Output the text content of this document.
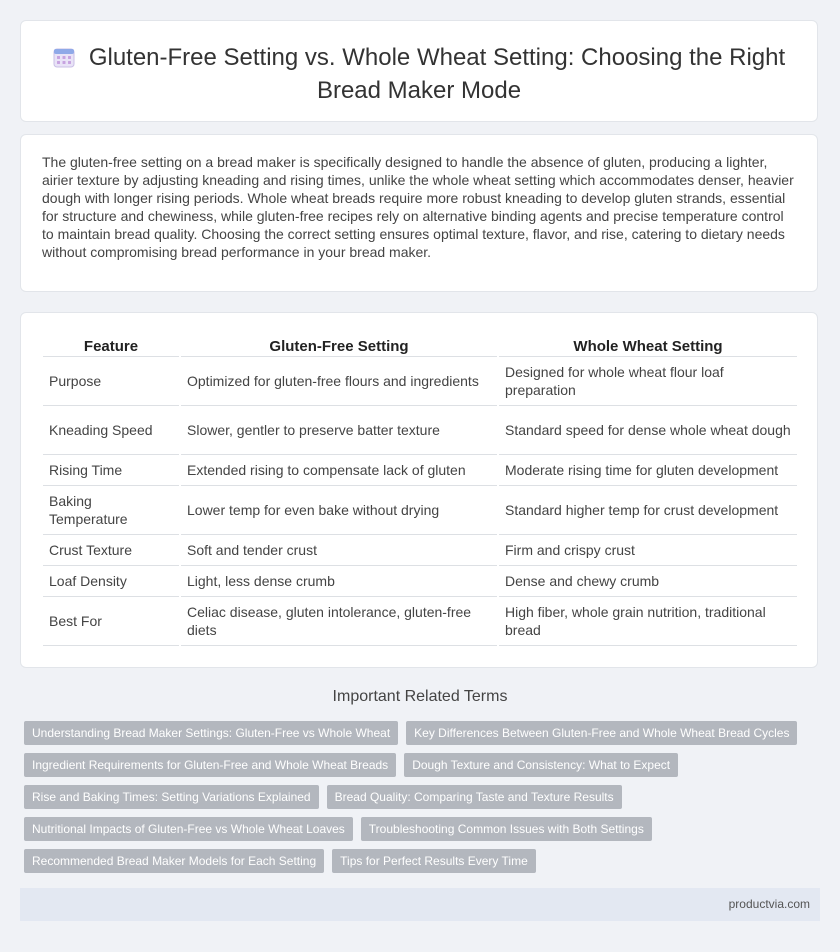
Gluten-Free Setting vs. Whole Wheat Setting: Choosing the Right Bread Maker Mode

The gluten-free setting on a bread maker is specifically designed to handle the absence of gluten, producing a lighter, airier texture by adjusting kneading and rising times, unlike the whole wheat setting which accommodates denser, heavier dough with longer rising periods. Whole wheat breads require more robust kneading to develop gluten strands, essential for structure and chewiness, while gluten-free recipes rely on alternative binding agents and precise temperature control to maintain bread quality. Choosing the correct setting ensures optimal texture, flavor, and rise, catering to dietary needs without compromising bread performance in your bread maker.

Feature	Gluten-Free Setting	Whole Wheat Setting
Purpose	Optimized for gluten-free flours and ingredients	Designed for whole wheat flour loaf preparation
Kneading Speed	Slower, gentler to preserve batter texture	Standard speed for dense whole wheat dough
Rising Time	Extended rising to compensate lack of gluten	Moderate rising time for gluten development
Baking Temperature	Lower temp for even bake without drying	Standard higher temp for crust development
Crust Texture	Soft and tender crust	Firm and crispy crust
Loaf Density	Light, less dense crumb	Dense and chewy crumb
Best For	Celiac disease, gluten intolerance, gluten-free diets	High fiber, whole grain nutrition, traditional bread
Important Related Terms
Understanding Bread Maker Settings: Gluten-Free vs Whole Wheat	Key Differences Between Gluten-Free and Whole Wheat Bread Cycles
Ingredient Requirements for Gluten-Free and Whole Wheat Breads	Dough Texture and Consistency: What to Expect
Rise and Baking Times: Setting Variations Explained	Bread Quality: Comparing Taste and Texture Results
Nutritional Impacts of Gluten-Free vs Whole Wheat Loaves	Troubleshooting Common Issues with Both Settings
Recommended Bread Maker Models for Each Setting	Tips for Perfect Results Every Time
productvia.com
